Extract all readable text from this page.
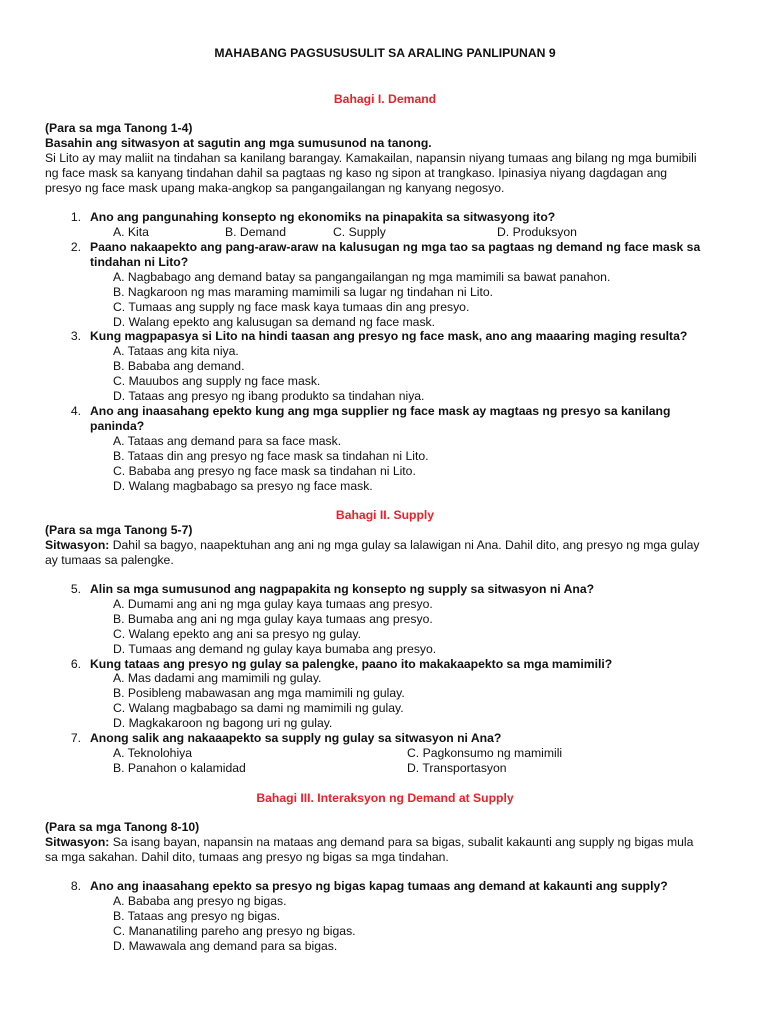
MAHABANG PAGSUSUSULIT SA ARALING PANLIPUNAN 9
Bahagi I. Demand
(Para sa mga Tanong 1-4)
Basahin ang sitwasyon at sagutin ang mga sumusunod na tanong.
Si Lito ay may maliit na tindahan sa kanilang barangay. Kamakailan, napansin niyang tumaas ang bilang ng mga bumibili
ng face mask sa kanyang tindahan dahil sa pagtaas ng kaso ng sipon at trangkaso. Ipinasiya niyang dagdagan ang
presyo ng face mask upang maka-angkop sa pangangailangan ng kanyang negosyo.
1. Ano ang pangunahing konsepto ng ekonomiks na pinapakita sa sitwasyong ito?
A. Kita	B. Demand	C. Supply	D. Produksyon
2. Paano nakaapekto ang pang-araw-araw na kalusugan ng mga tao sa pagtaas ng demand ng face mask sa
tindahan ni Lito?
A. Nagbabago ang demand batay sa pangangailangan ng mga mamimili sa bawat panahon.
B. Nagkaroon ng mas maraming mamimili sa lugar ng tindahan ni Lito.
C. Tumaas ang supply ng face mask kaya tumaas din ang presyo.
D. Walang epekto ang kalusugan sa demand ng face mask.
3. Kung magpapasya si Lito na hindi taasan ang presyo ng face mask, ano ang maaaring maging resulta?
A. Tataas ang kita niya.
B. Bababa ang demand.
C. Mauubos ang supply ng face mask.
D. Tataas ang presyo ng ibang produkto sa tindahan niya.
4. Ano ang inaasahang epekto kung ang mga supplier ng face mask ay magtaas ng presyo sa kanilang
paninda?
A. Tataas ang demand para sa face mask.
B. Tataas din ang presyo ng face mask sa tindahan ni Lito.
C. Bababa ang presyo ng face mask sa tindahan ni Lito.
D. Walang magbabago sa presyo ng face mask.
Bahagi II. Supply
(Para sa mga Tanong 5-7)
Sitwasyon: Dahil sa bagyo, naapektuhan ang ani ng mga gulay sa lalawigan ni Ana. Dahil dito, ang presyo ng mga gulay
ay tumaas sa palengke.
5. Alin sa mga sumusunod ang nagpapakita ng konsepto ng supply sa sitwasyon ni Ana?
A. Dumami ang ani ng mga gulay kaya tumaas ang presyo.
B. Bumaba ang ani ng mga gulay kaya tumaas ang presyo.
C. Walang epekto ang ani sa presyo ng gulay.
D. Tumaas ang demand ng gulay kaya bumaba ang presyo.
6. Kung tataas ang presyo ng gulay sa palengke, paano ito makakaapekto sa mga mamimili?
A. Mas dadami ang mamimili ng gulay.
B. Posibleng mabawasan ang mga mamimili ng gulay.
C. Walang magbabago sa dami ng mamimili ng gulay.
D. Magkakaroon ng bagong uri ng gulay.
7. Anong salik ang nakaaapekto sa supply ng gulay sa sitwasyon ni Ana?
A. Teknolohiya	C. Pagkonsumo ng mamimili
B. Panahon o kalamidad	D. Transportasyon
Bahagi III. Interaksyon ng Demand at Supply
(Para sa mga Tanong 8-10)
Sitwasyon: Sa isang bayan, napansin na mataas ang demand para sa bigas, subalit kakaunti ang supply ng bigas mula
sa mga sakahan. Dahil dito, tumaas ang presyo ng bigas sa mga tindahan.
8. Ano ang inaasahang epekto sa presyo ng bigas kapag tumaas ang demand at kakaunti ang supply?
A. Bababa ang presyo ng bigas.
B. Tataas ang presyo ng bigas.
C. Mananatiling pareho ang presyo ng bigas.
D. Mawawala ang demand para sa bigas.
